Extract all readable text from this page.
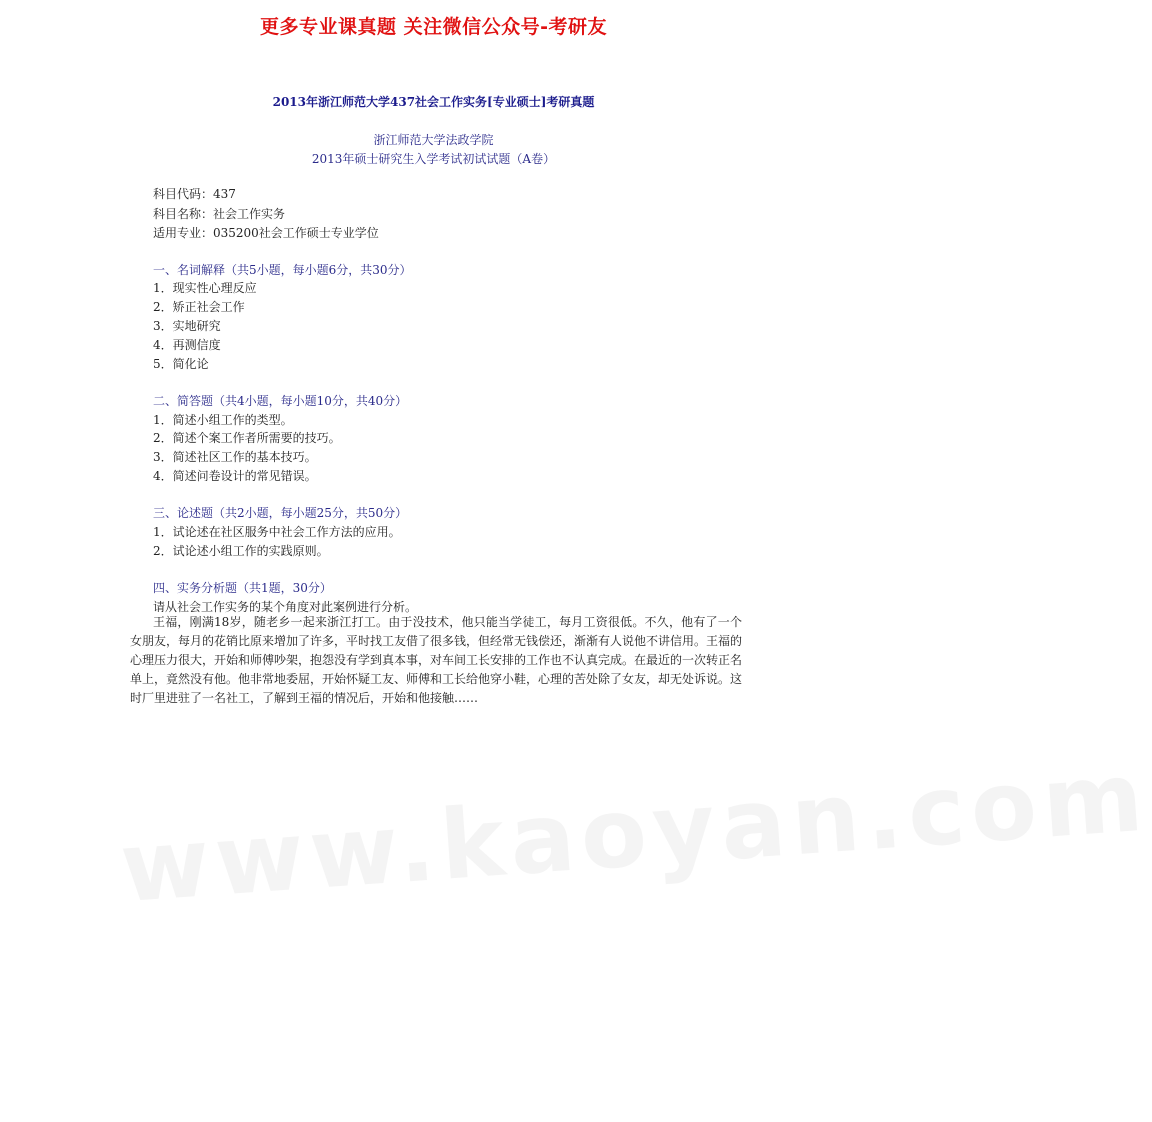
更多专业课真题 关注微信公众号-考研友
2013年浙江师范大学437社会工作实务[专业硕士]考研真题
浙江师范大学法政学院
2013年硕士研究生入学考试初试试题（A卷）
科目代码：437
科目名称：社会工作实务
适用专业：035200社会工作硕士专业学位
一、名词解释（共5小题，每小题6分，共30分）
1．现实性心理反应
2．矫正社会工作
3．实地研究
4．再测信度
5．简化论
二、简答题（共4小题，每小题10分，共40分）
1．简述小组工作的类型。
2．简述个案工作者所需要的技巧。
3．简述社区工作的基本技巧。
4．简述问卷设计的常见错误。
三、论述题（共2小题，每小题25分，共50分）
1．试论述在社区服务中社会工作方法的应用。
2．试论述小组工作的实践原则。
四、实务分析题（共1题，30分）
请从社会工作实务的某个角度对此案例进行分析。

王福，刚满18岁，随老乡一起来浙江打工。由于没技术，他只能当学徒工，每月工资很低。不久，他有了一个女朋友，每月的花销比原来增加了许多，平时找工友借了很多钱，但经常无钱偿还，渐渐有人说他不讲信用。王福的心理压力很大，开始和师傅吵架，抱怨没有学到真本事，对车间工长安排的工作也不认真完成。在最近的一次转正名单上，竟然没有他。他非常地委屈，开始怀疑工友、师傅和工长给他穿小鞋，心理的苦处除了女友，却无处诉说。这时厂里进驻了一名社工，了解到王福的情况后，开始和他接触……

www.kaoyan.com
